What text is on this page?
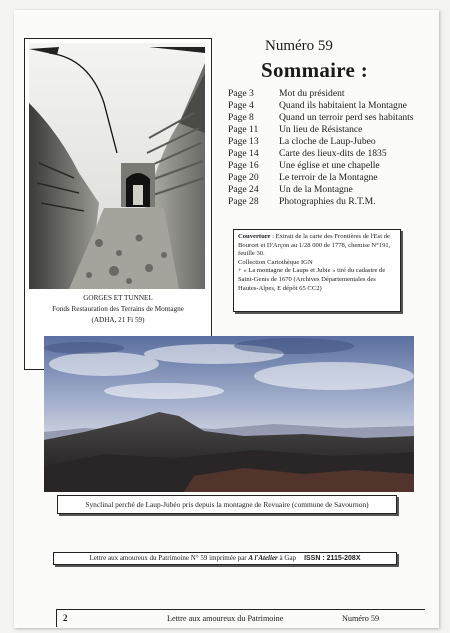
GORGES ET TUNNEL
Fonds Restauration des Terrains de Montagne
(ADHA, 21 Fi 59)
Numéro 59
Sommaire :
Page 3	Mot du président
Page 4	Quand ils habitaient la Montagne
Page 8	Quand un terroir perd ses habitants
Page 11	Un lieu de Résistance
Page 13	La cloche de Laup-Jubeo
Page 14	Carte des lieux-dits de 1835
Page 16	Une église et une chapelle
Page 20	Le terroir de la Montagne
Page 24	Un de la Montagne
Page 28	Photographies du R.T.M.
Couverture : Extrait de la carte des Frontières de l'Est de Bourcet et D'Arçon au 1/28 000 de 1778, chemise N°191, feuille 30.
Collection Cartothèque IGN
+ « La montagne de Laups et Jubie » tiré du cadastre de Saint-Genis de 1670 (Archives Départementales des Hautes-Alpes, E dépôt 65 CC2)
Synclinal perché de Laup-Jubéo pris depuis la montagne de Revuaire (commune de Savournon)
Lettre aux amoureux du Patrimoine N° 59 imprimée par A l'Atelier à Gap ISSN : 2115-208X
2	Lettre aux amoureux du Patrimoine	Numéro 59
